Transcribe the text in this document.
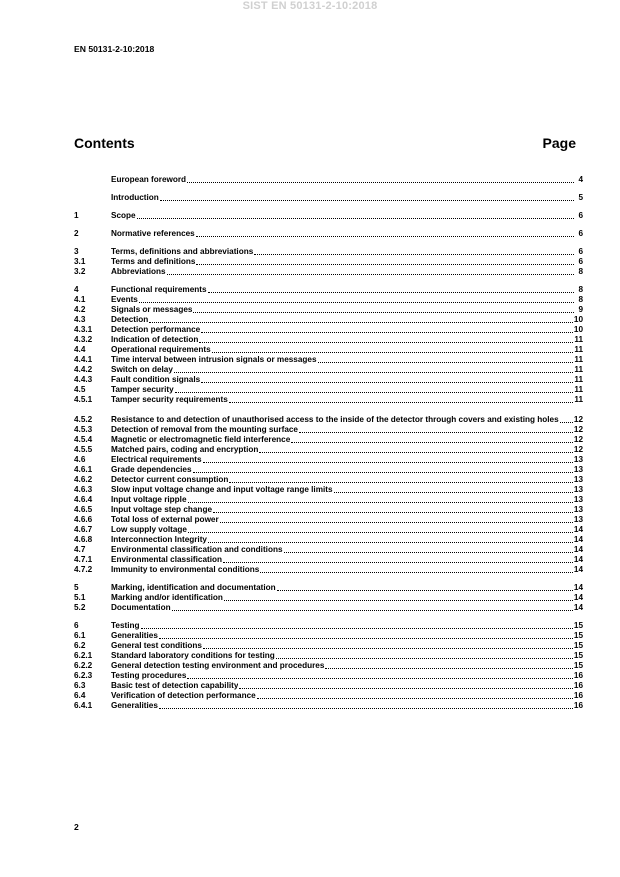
SIST EN 50131-2-10:2018
EN 50131-2-10:2018
Contents	Page
European foreword	4
Introduction	5
1	Scope	6
2	Normative references	6
3	Terms, definitions and abbreviations	6
3.1	Terms and definitions	6
3.2	Abbreviations	8
4	Functional requirements	8
4.1	Events	8
4.2	Signals or messages	9
4.3	Detection	10
4.3.1	Detection performance	10
4.3.2	Indication of detection	11
4.4	Operational requirements	11
4.4.1	Time interval between intrusion signals or messages	11
4.4.2	Switch on delay	11
4.4.3	Fault condition signals	11
4.5	Tamper security	11
4.5.1	Tamper security requirements	11
4.5.2	Resistance to and detection of unauthorised access to the inside of the detector through covers and existing holes 12
4.5.3	Detection of removal from the mounting surface	12
4.5.4	Magnetic or electromagnetic field interference	12
4.5.5	Matched pairs, coding and encryption	12
4.6	Electrical requirements	13
4.6.1	Grade dependencies	13
4.6.2	Detector current consumption	13
4.6.3	Slow input voltage change and input voltage range limits	13
4.6.4	Input voltage ripple	13
4.6.5	Input voltage step change	13
4.6.6	Total loss of external power	13
4.6.7	Low supply voltage	14
4.6.8	Interconnection Integrity	14
4.7	Environmental classification and conditions	14
4.7.1	Environmental classification	14
4.7.2	Immunity to environmental conditions	14
5	Marking, identification and documentation	14
5.1	Marking and/or identification	14
5.2	Documentation	14
6	Testing	15
6.1	Generalities	15
6.2	General test conditions	15
6.2.1	Standard laboratory conditions for testing	15
6.2.2	General detection testing environment and procedures	15
6.2.3	Testing procedures	16
6.3	Basic test of detection capability	16
6.4	Verification of detection performance	16
6.4.1	Generalities	16
2
